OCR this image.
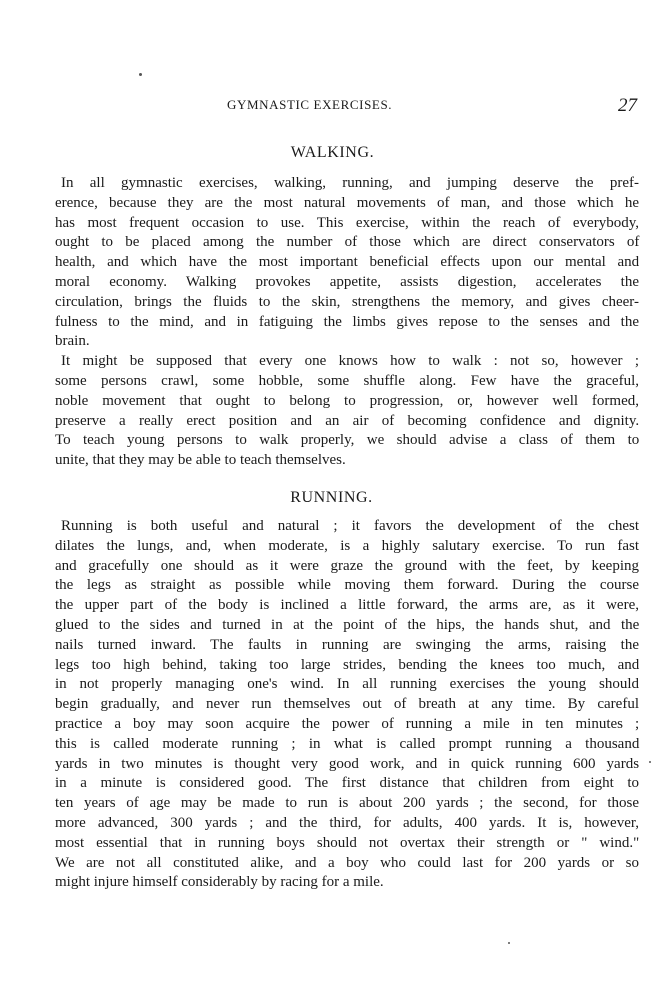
GYMNASTIC EXERCISES.	27
WALKING.
In all gymnastic exercises, walking, running, and jumping deserve the pref-
erence, because they are the most natural movements of man, and those which he
has most frequent occasion to use. This exercise, within the reach of everybody,
ought to be placed among the number of those which are direct conservators of
health, and which have the most important beneficial effects upon our mental and
moral economy. Walking provokes appetite, assists digestion, accelerates the
circulation, brings the fluids to the skin, strengthens the memory, and gives cheer-
fulness to the mind, and in fatiguing the limbs gives repose to the senses and the
brain.
It might be supposed that every one knows how to walk : not so, however ;
some persons crawl, some hobble, some shuffle along. Few have the graceful,
noble movement that ought to belong to progression, or, however well formed,
preserve a really erect position and an air of becoming confidence and dignity.
To teach young persons to walk properly, we should advise a class of them to
unite, that they may be able to teach themselves.
RUNNING.
Running is both useful and natural ; it favors the development of the chest
dilates the lungs, and, when moderate, is a highly salutary exercise. To run fast
and gracefully one should as it were graze the ground with the feet, by keeping
the legs as straight as possible while moving them forward. During the course
the upper part of the body is inclined a little forward, the arms are, as it were,
glued to the sides and turned in at the point of the hips, the hands shut, and the
nails turned inward. The faults in running are swinging the arms, raising the
legs too high behind, taking too large strides, bending the knees too much, and
in not properly managing one's wind. In all running exercises the young should
begin gradually, and never run themselves out of breath at any time. By careful
practice a boy may soon acquire the power of running a mile in ten minutes ;
this is called moderate running ; in what is called prompt running a thousand
yards in two minutes is thought very good work, and in quick running 600 yards
in a minute is considered good. The first distance that children from eight to
ten years of age may be made to run is about 200 yards ; the second, for those
more advanced, 300 yards ; and the third, for adults, 400 yards. It is, however,
most essential that in running boys should not overtax their strength or " wind."
We are not all constituted alike, and a boy who could last for 200 yards or so
might injure himself considerably by racing for a mile.
